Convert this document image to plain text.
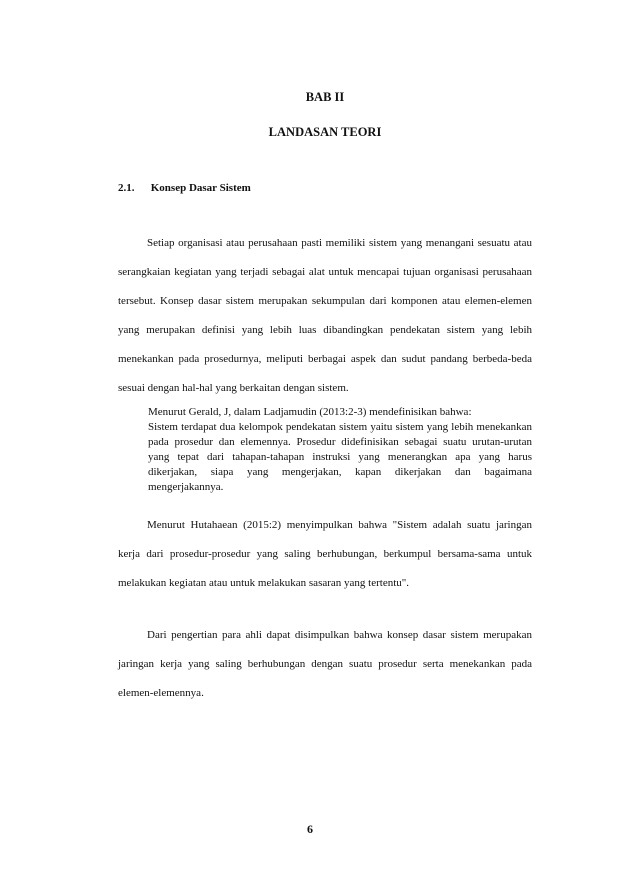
BAB II

LANDASAN TEORI

2.1. Konsep Dasar Sistem

Setiap organisasi atau perusahaan pasti memiliki sistem yang menangani sesuatu atau serangkaian kegiatan yang terjadi sebagai alat untuk mencapai tujuan organisasi perusahaan tersebut. Konsep dasar sistem merupakan sekumpulan dari komponen atau elemen-elemen yang merupakan definisi yang lebih luas dibandingkan pendekatan sistem yang lebih menekankan pada prosedurnya, meliputi berbagai aspek dan sudut pandang berbeda-beda sesuai dengan hal-hal yang berkaitan dengan sistem.

Menurut Gerald, J, dalam Ladjamudin (2013:2-3) mendefinisikan bahwa:
Sistem terdapat dua kelompok pendekatan sistem yaitu sistem yang lebih menekankan pada prosedur dan elemennya. Prosedur didefinisikan sebagai suatu urutan-urutan yang tepat dari tahapan-tahapan instruksi yang menerangkan apa yang harus dikerjakan, siapa yang mengerjakan, kapan dikerjakan dan bagaimana mengerjakannya.

Menurut Hutahaean (2015:2) menyimpulkan bahwa "Sistem adalah suatu jaringan kerja dari prosedur-prosedur yang saling berhubungan, berkumpul bersama-sama untuk melakukan kegiatan atau untuk melakukan sasaran yang tertentu".

Dari pengertian para ahli dapat disimpulkan bahwa konsep dasar sistem merupakan jaringan kerja yang saling berhubungan dengan suatu prosedur serta menekankan pada elemen-elemennya.

6
